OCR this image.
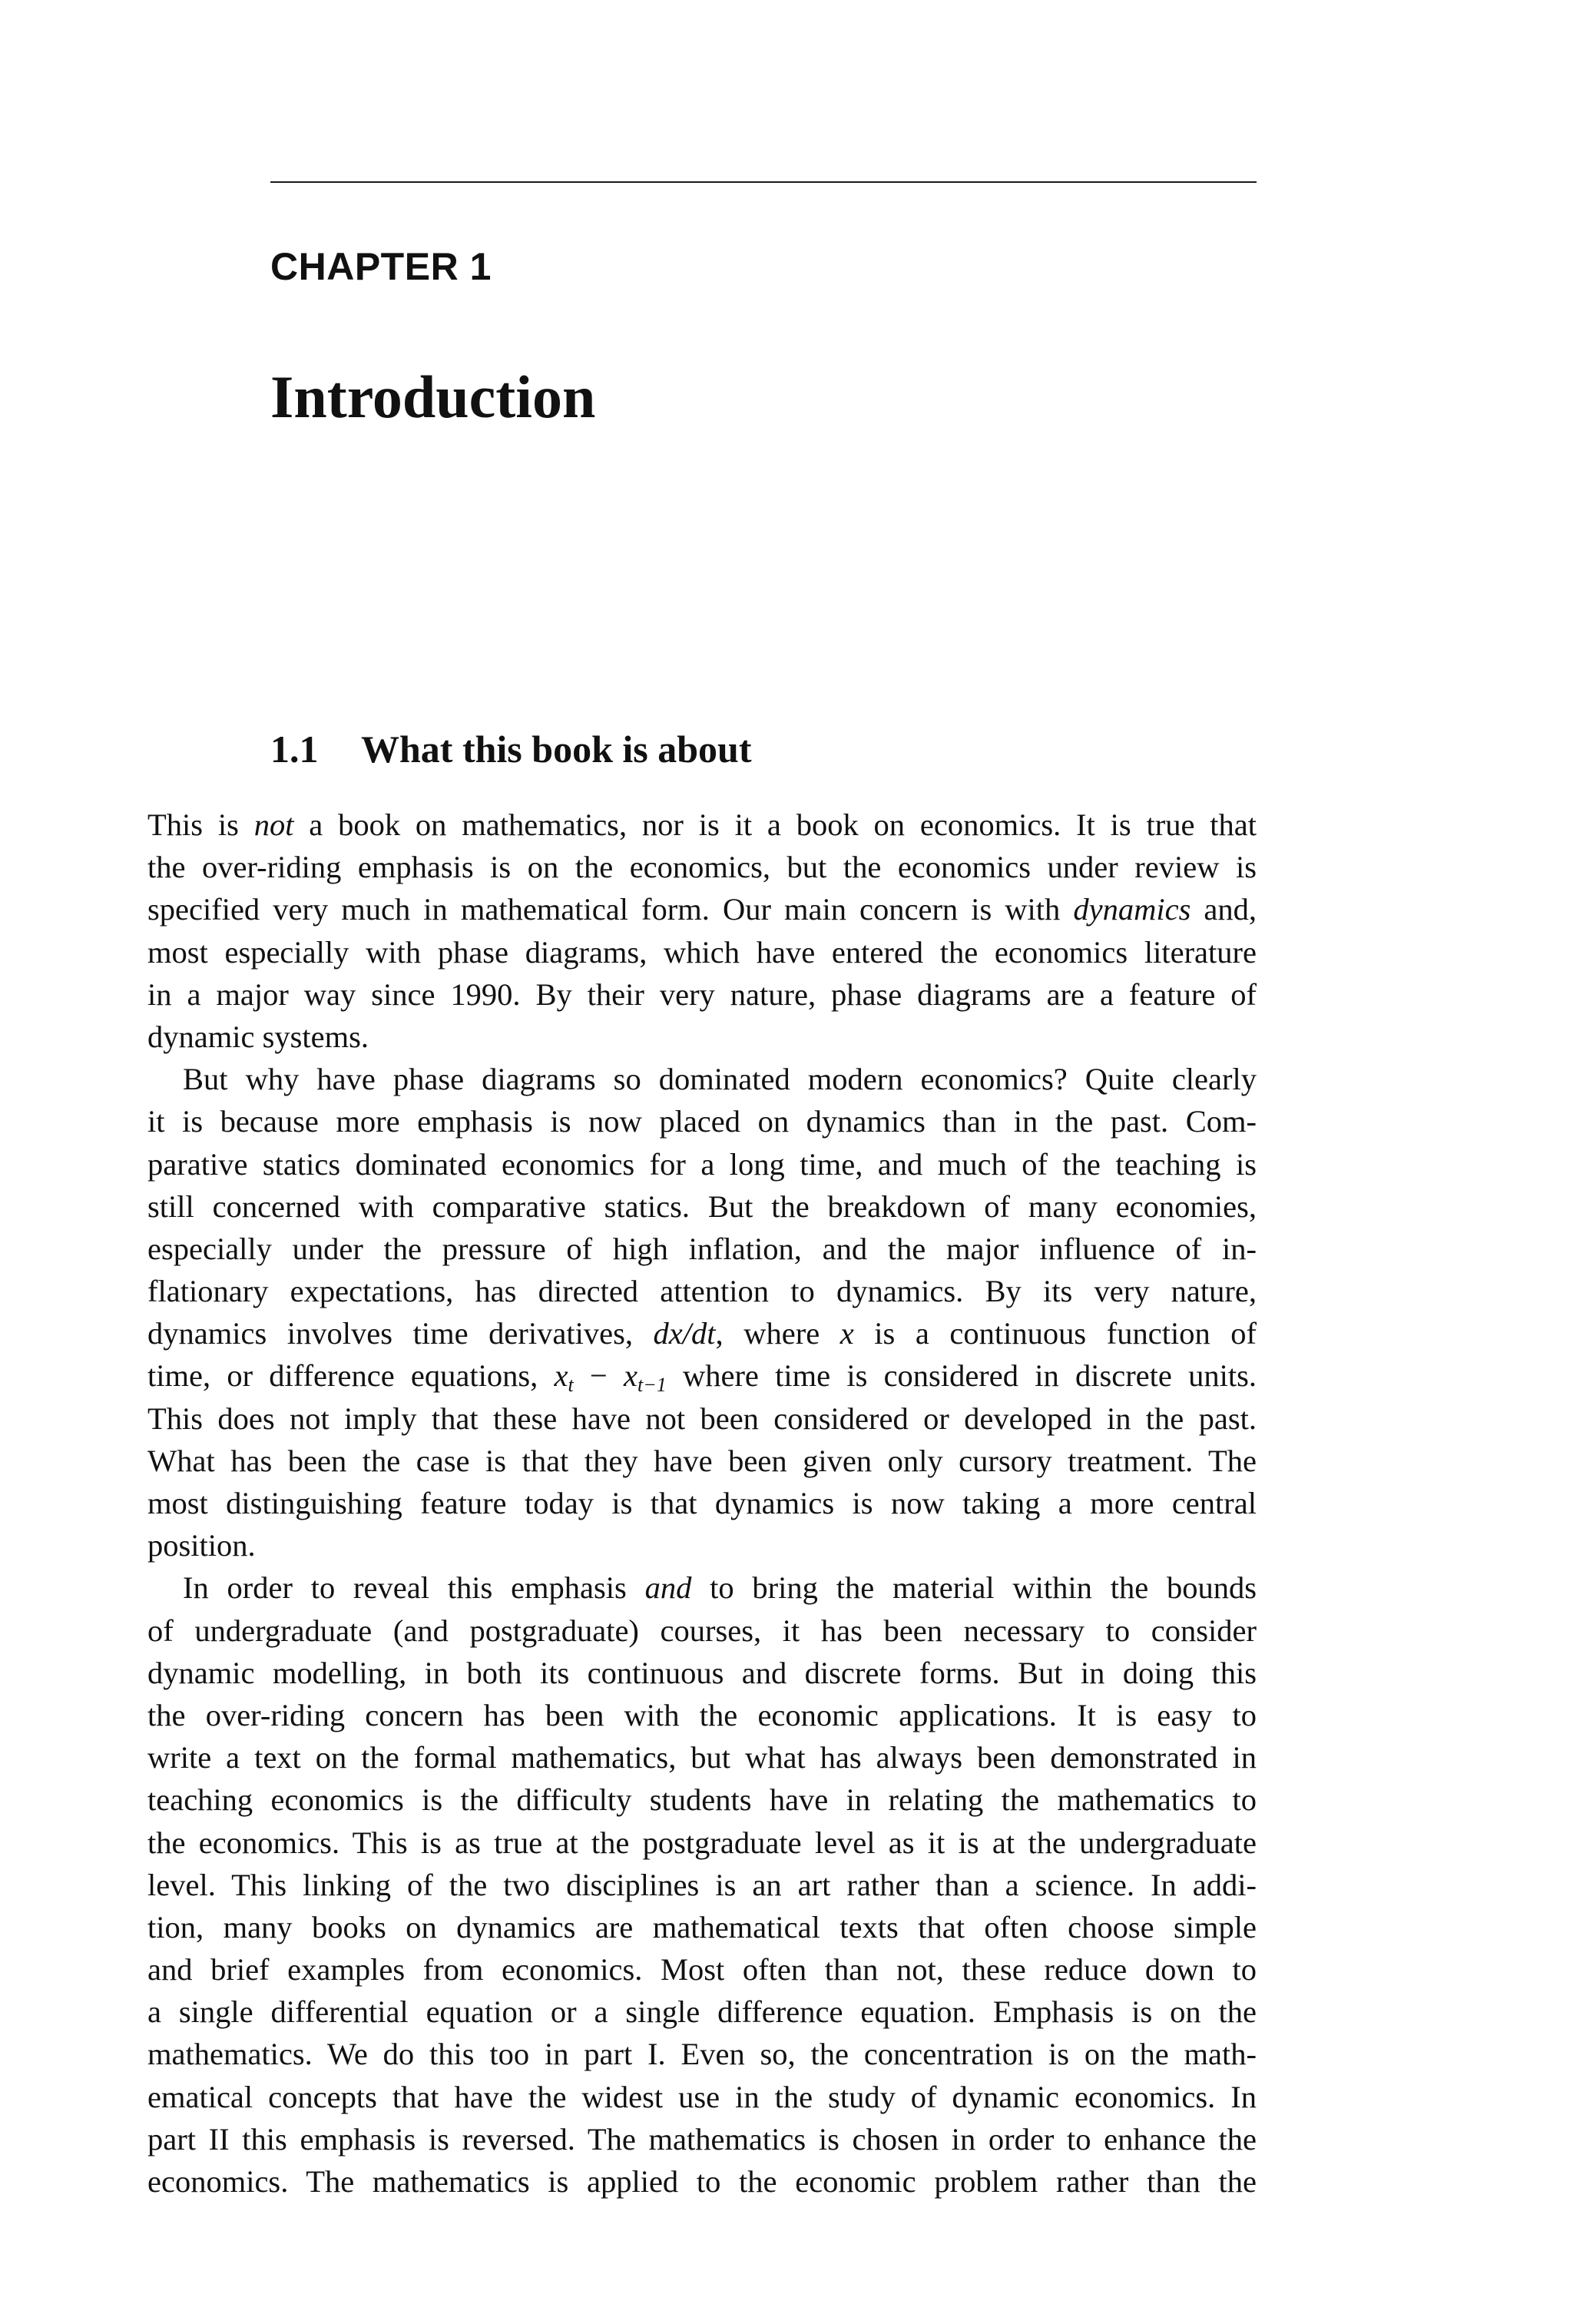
CHAPTER 1
Introduction
1.1 What this book is about
This is not a book on mathematics, nor is it a book on economics. It is true that
the over-riding emphasis is on the economics, but the economics under review is
specified very much in mathematical form. Our main concern is with dynamics and,
most especially with phase diagrams, which have entered the economics literature
in a major way since 1990. By their very nature, phase diagrams are a feature of
dynamic systems.
But why have phase diagrams so dominated modern economics? Quite clearly
it is because more emphasis is now placed on dynamics than in the past. Com-
parative statics dominated economics for a long time, and much of the teaching is
still concerned with comparative statics. But the breakdown of many economies,
especially under the pressure of high inflation, and the major influence of in-
flationary expectations, has directed attention to dynamics. By its very nature,
dynamics involves time derivatives, dx/dt, where x is a continuous function of
time, or difference equations, $x_t - x_{t-1}$ where time is considered in discrete units.
This does not imply that these have not been considered or developed in the past.
What has been the case is that they have been given only cursory treatment. The
most distinguishing feature today is that dynamics is now taking a more central
position.
In order to reveal this emphasis and to bring the material within the bounds
of undergraduate (and postgraduate) courses, it has been necessary to consider
dynamic modelling, in both its continuous and discrete forms. But in doing this
the over-riding concern has been with the economic applications. It is easy to
write a text on the formal mathematics, but what has always been demonstrated in
teaching economics is the difficulty students have in relating the mathematics to
the economics. This is as true at the postgraduate level as it is at the undergraduate
level. This linking of the two disciplines is an art rather than a science. In addi-
tion, many books on dynamics are mathematical texts that often choose simple
and brief examples from economics. Most often than not, these reduce down to
a single differential equation or a single difference equation. Emphasis is on the
mathematics. We do this too in part I. Even so, the concentration is on the math-
ematical concepts that have the widest use in the study of dynamic economics. In
part II this emphasis is reversed. The mathematics is chosen in order to enhance the
economics. The mathematics is applied to the economic problem rather than the
